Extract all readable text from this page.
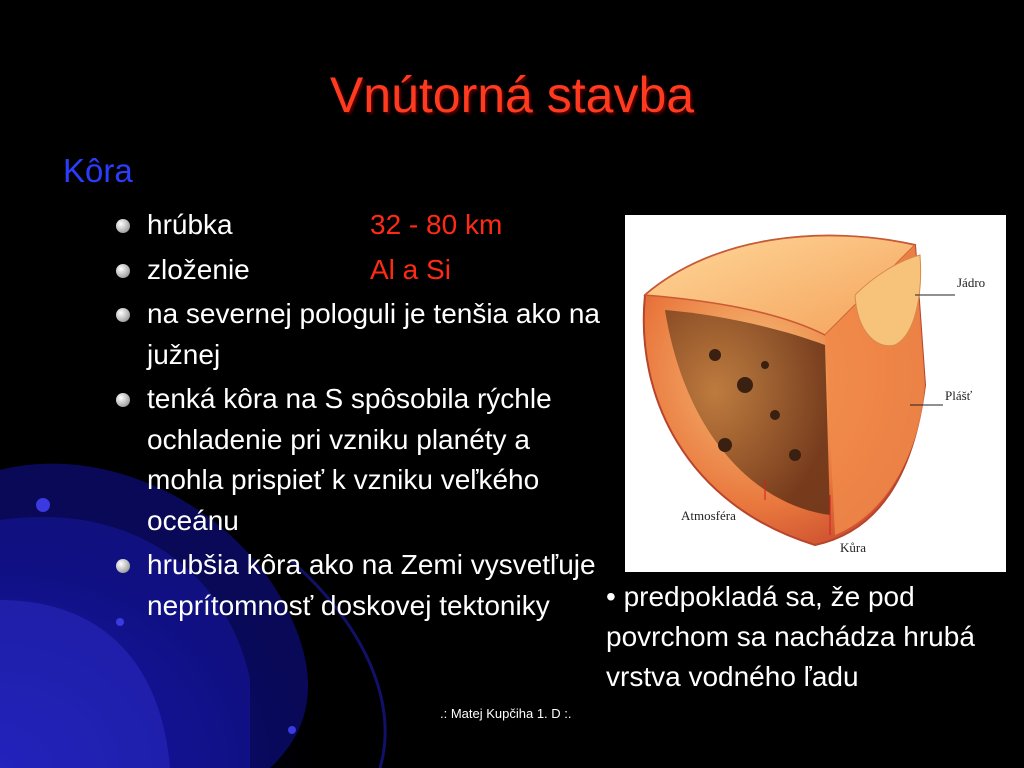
Vnútorná stavba
Kôra
hrúbka	32 - 80 km
zloženie	Al a Si
na severnej pologuli je tenšia ako na južnej
tenká kôra na S spôsobila rýchle ochladenie pri vzniku planéty a mohla prispieť k vzniku veľkého oceánu
hrubšia kôra ako na Zemi vysvetľuje neprítomnosť doskovej tektoniky
Jádro
Plášť
Atmosféra
Kůra
• predpokladá sa, že pod povrchom sa nachádza hrubá vrstva vodného ľadu
.: Matej Kupčiha 1. D :.
